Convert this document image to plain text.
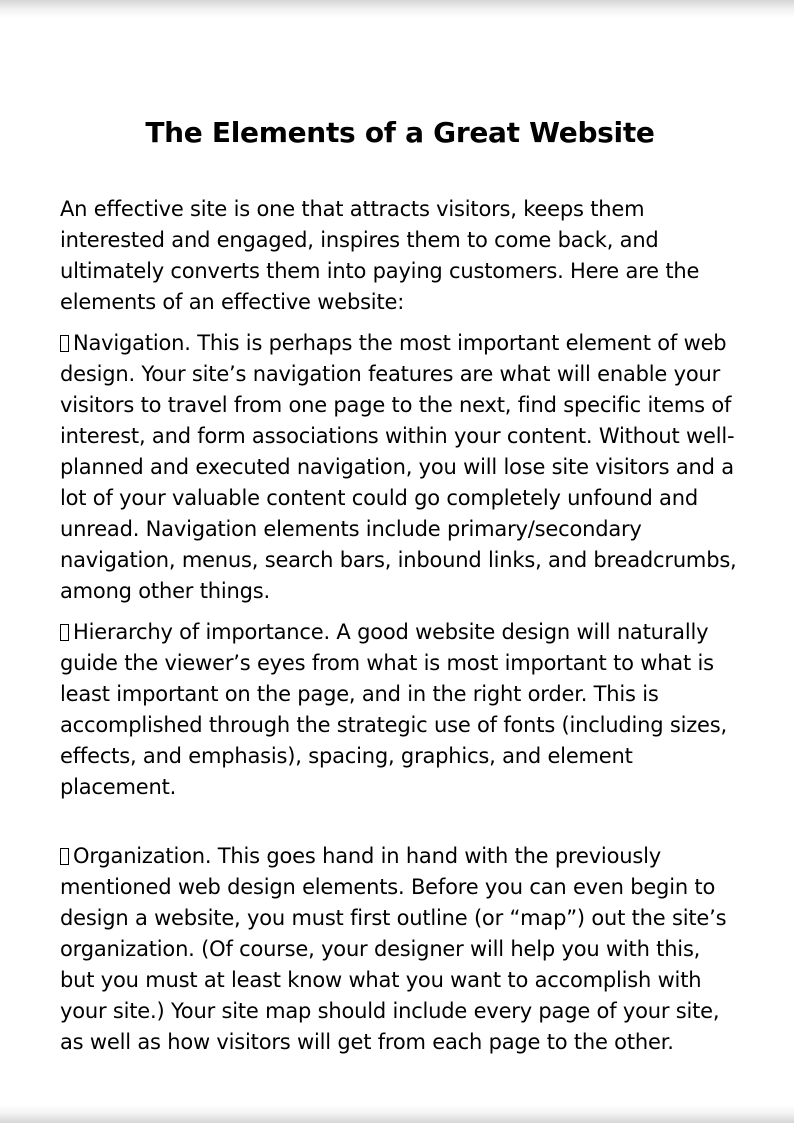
The Elements of a Great Website

An effective site is one that attracts visitors, keeps them interested and engaged, inspires them to come back, and ultimately converts them into paying customers. Here are the elements of an effective website:

Navigation. This is perhaps the most important element of web design. Your site’s navigation features are what will enable your visitors to travel from one page to the next, find specific items of interest, and form associations within your content. Without well-planned and executed navigation, you will lose site visitors and a lot of your valuable content could go completely unfound and unread. Navigation elements include primary/secondary navigation, menus, search bars, inbound links, and breadcrumbs, among other things.

Hierarchy of importance. A good website design will naturally guide the viewer’s eyes from what is most important to what is least important on the page, and in the right order. This is accomplished through the strategic use of fonts (including sizes, effects, and emphasis), spacing, graphics, and element placement.

Organization. This goes hand in hand with the previously mentioned web design elements. Before you can even begin to design a website, you must first outline (or “map”) out the site’s organization. (Of course, your designer will help you with this, but you must at least know what you want to accomplish with your site.) Your site map should include every page of your site, as well as how visitors will get from each page to the other.
